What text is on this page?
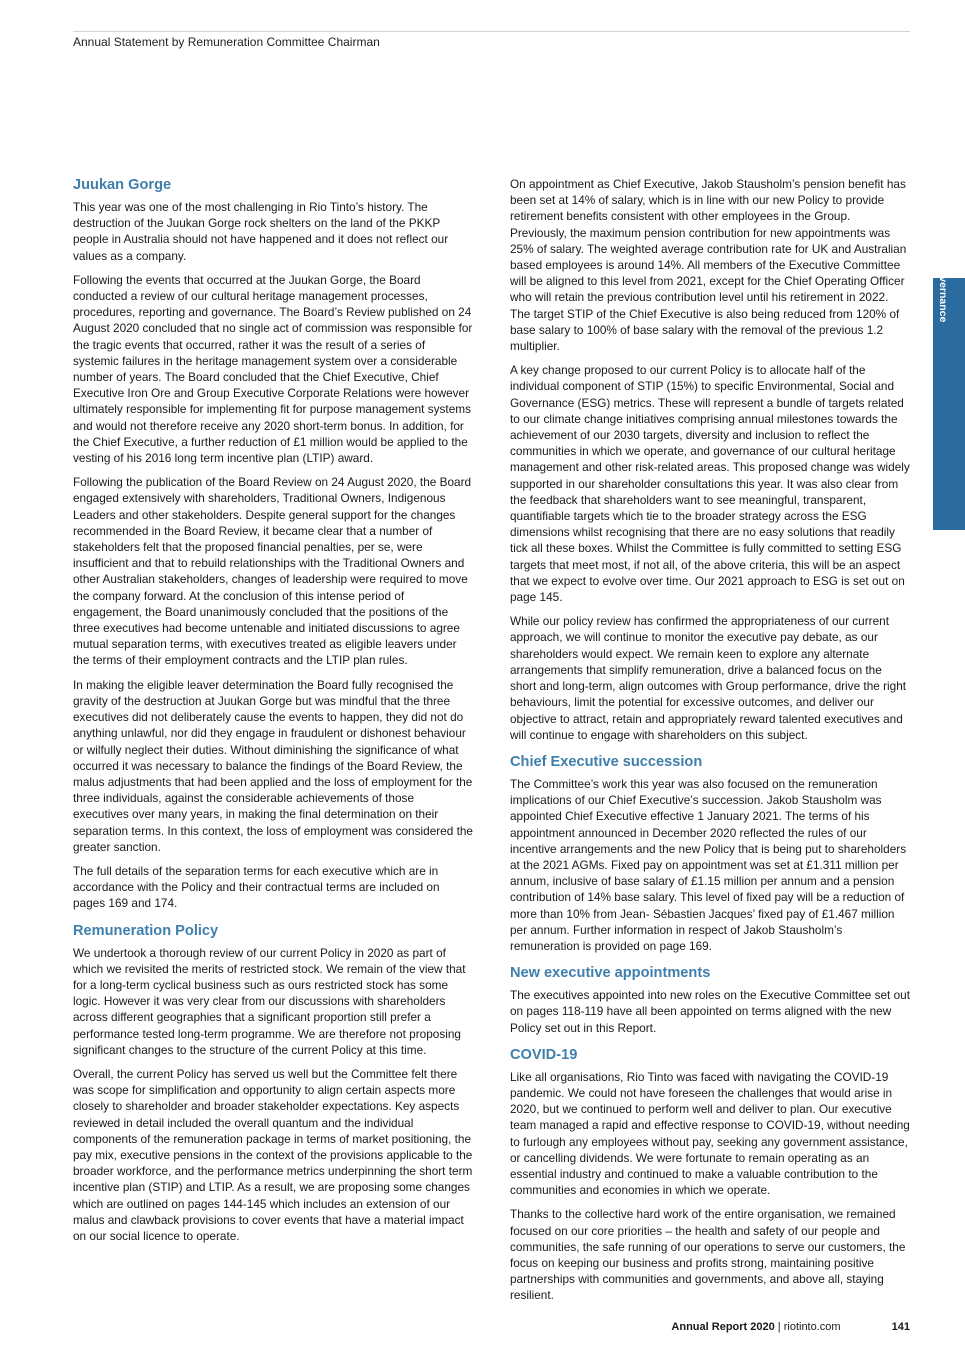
Annual Statement by Remuneration Committee Chairman
Governance
Juukan Gorge

This year was one of the most challenging in Rio Tinto’s history. The destruction of the Juukan Gorge rock shelters on the land of the PKKP people in Australia should not have happened and it does not reflect our values as a company.

Following the events that occurred at the Juukan Gorge, the Board conducted a review of our cultural heritage management processes, procedures, reporting and governance. The Board’s Review published on 24 August 2020 concluded that no single act of commission was responsible for the tragic events that occurred, rather it was the result of a series of systemic failures in the heritage management system over a considerable number of years. The Board concluded that the Chief Executive, Chief Executive Iron Ore and Group Executive Corporate Relations were however ultimately responsible for implementing fit for purpose management systems and would not therefore receive any 2020 short-term bonus. In addition, for the Chief Executive, a further reduction of £1 million would be applied to the vesting of his 2016 long term incentive plan (LTIP) award.

Following the publication of the Board Review on 24 August 2020, the Board engaged extensively with shareholders, Traditional Owners, Indigenous Leaders and other stakeholders. Despite general support for the changes recommended in the Board Review, it became clear that a number of stakeholders felt that the proposed financial penalties, per se, were insufficient and that to rebuild relationships with the Traditional Owners and other Australian stakeholders, changes of leadership were required to move the company forward. At the conclusion of this intense period of engagement, the Board unanimously concluded that the positions of the three executives had become untenable and initiated discussions to agree mutual separation terms, with executives treated as eligible leavers under the terms of their employment contracts and the LTIP plan rules.

In making the eligible leaver determination the Board fully recognised the gravity of the destruction at Juukan Gorge but was mindful that the three executives did not deliberately cause the events to happen, they did not do anything unlawful, nor did they engage in fraudulent or dishonest behaviour or wilfully neglect their duties. Without diminishing the significance of what occurred it was necessary to balance the findings of the Board Review, the malus adjustments that had been applied and the loss of employment for the three individuals, against the considerable achievements of those executives over many years, in making the final determination on their separation terms. In this context, the loss of employment was considered the greater sanction.

The full details of the separation terms for each executive which are in accordance with the Policy and their contractual terms are included on pages 169 and 174.

Remuneration Policy

We undertook a thorough review of our current Policy in 2020 as part of which we revisited the merits of restricted stock. We remain of the view that for a long-term cyclical business such as ours restricted stock has some logic. However it was very clear from our discussions with shareholders across different geographies that a significant proportion still prefer a performance tested long-term programme. We are therefore not proposing significant changes to the structure of the current Policy at this time.

Overall, the current Policy has served us well but the Committee felt there was scope for simplification and opportunity to align certain aspects more closely to shareholder and broader stakeholder expectations. Key aspects reviewed in detail included the overall quantum and the individual components of the remuneration package in terms of market positioning, the pay mix, executive pensions in the context of the provisions applicable to the broader workforce, and the performance metrics underpinning the short term incentive plan (STIP) and LTIP. As a result, we are proposing some changes which are outlined on pages 144-145 which includes an extension of our malus and clawback provisions to cover events that have a material impact on our social licence to operate.

On appointment as Chief Executive, Jakob Stausholm’s pension benefit has been set at 14% of salary, which is in line with our new Policy to provide retirement benefits consistent with other employees in the Group. Previously, the maximum pension contribution for new appointments was 25% of salary. The weighted average contribution rate for UK and Australian based employees is around 14%. All members of the Executive Committee will be aligned to this level from 2021, except for the Chief Operating Officer who will retain the previous contribution level until his retirement in 2022. The target STIP of the Chief Executive is also being reduced from 120% of base salary to 100% of base salary with the removal of the previous 1.2 multiplier.

A key change proposed to our current Policy is to allocate half of the individual component of STIP (15%) to specific Environmental, Social and Governance (ESG) metrics. These will represent a bundle of targets related to our climate change initiatives comprising annual milestones towards the achievement of our 2030 targets, diversity and inclusion to reflect the communities in which we operate, and governance of our cultural heritage management and other risk-related areas. This proposed change was widely supported in our shareholder consultations this year. It was also clear from the feedback that shareholders want to see meaningful, transparent, quantifiable targets which tie to the broader strategy across the ESG dimensions whilst recognising that there are no easy solutions that readily tick all these boxes. Whilst the Committee is fully committed to setting ESG targets that meet most, if not all, of the above criteria, this will be an aspect that we expect to evolve over time. Our 2021 approach to ESG is set out on page 145.

While our policy review has confirmed the appropriateness of our current approach, we will continue to monitor the executive pay debate, as our shareholders would expect. We remain keen to explore any alternate arrangements that simplify remuneration, drive a balanced focus on the short and long-term, align outcomes with Group performance, drive the right behaviours, limit the potential for excessive outcomes, and deliver our objective to attract, retain and appropriately reward talented executives and will continue to engage with shareholders on this subject.

Chief Executive succession

The Committee’s work this year was also focused on the remuneration implications of our Chief Executive’s succession. Jakob Stausholm was appointed Chief Executive effective 1 January 2021. The terms of his appointment announced in December 2020 reflected the rules of our incentive arrangements and the new Policy that is being put to shareholders at the 2021 AGMs. Fixed pay on appointment was set at £1.311 million per annum, inclusive of base salary of £1.15 million per annum and a pension contribution of 14% base salary. This level of fixed pay will be a reduction of more than 10% from Jean- Sébastien Jacques’ fixed pay of £1.467 million per annum. Further information in respect of Jakob Stausholm’s remuneration is provided on page 169.

New executive appointments

The executives appointed into new roles on the Executive Committee set out on pages 118-119 have all been appointed on terms aligned with the new Policy set out in this Report.

COVID-19

Like all organisations, Rio Tinto was faced with navigating the COVID-19 pandemic. We could not have foreseen the challenges that would arise in 2020, but we continued to perform well and deliver to plan. Our executive team managed a rapid and effective response to COVID-19, without needing to furlough any employees without pay, seeking any government assistance, or cancelling dividends. We were fortunate to remain operating as an essential industry and continued to make a valuable contribution to the communities and economies in which we operate.

Thanks to the collective hard work of the entire organisation, we remained focused on our core priorities – the health and safety of our people and communities, the safe running of our operations to serve our customers, the focus on keeping our business and profits strong, maintaining positive partnerships with communities and governments, and above all, staying resilient.

Annual Report 2020 | riotinto.com	141
